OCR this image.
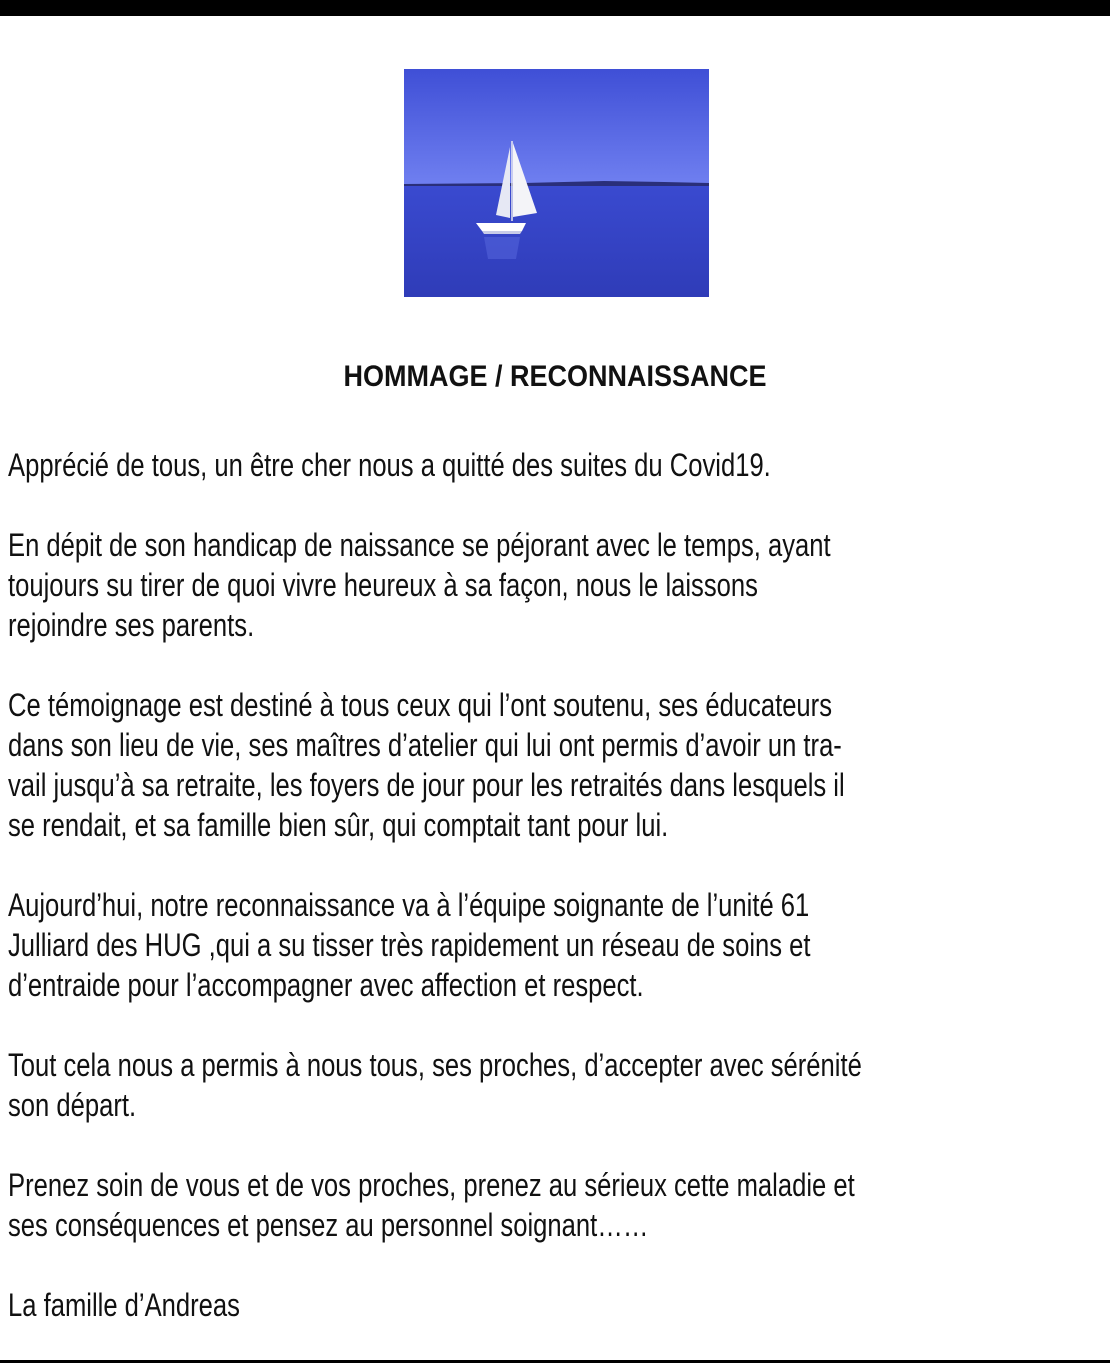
HOMMAGE / RECONNAISSANCE
Apprécié de tous, un être cher nous a quitté des suites du Covid19.
En dépit de son handicap de naissance se péjorant avec le temps, ayant
toujours su tirer de quoi vivre heureux à sa façon, nous le laissons
rejoindre ses parents.
Ce témoignage est destiné à tous ceux qui l’ont soutenu, ses éducateurs
dans son lieu de vie, ses maîtres d’atelier qui lui ont permis d’avoir un tra-
vail jusqu’à sa retraite, les foyers de jour pour les retraités dans lesquels il
se rendait, et sa famille bien sûr, qui comptait tant pour lui.
Aujourd’hui, notre reconnaissance va à l’équipe soignante de l’unité 61
Julliard des HUG ,qui a su tisser très rapidement un réseau de soins et
d’entraide pour l’accompagner avec affection et respect.
Tout cela nous a permis à nous tous, ses proches, d’accepter avec sérénité
son départ.
Prenez soin de vous et de vos proches, prenez au sérieux cette maladie et
ses conséquences et pensez au personnel soignant……
La famille d’Andreas
